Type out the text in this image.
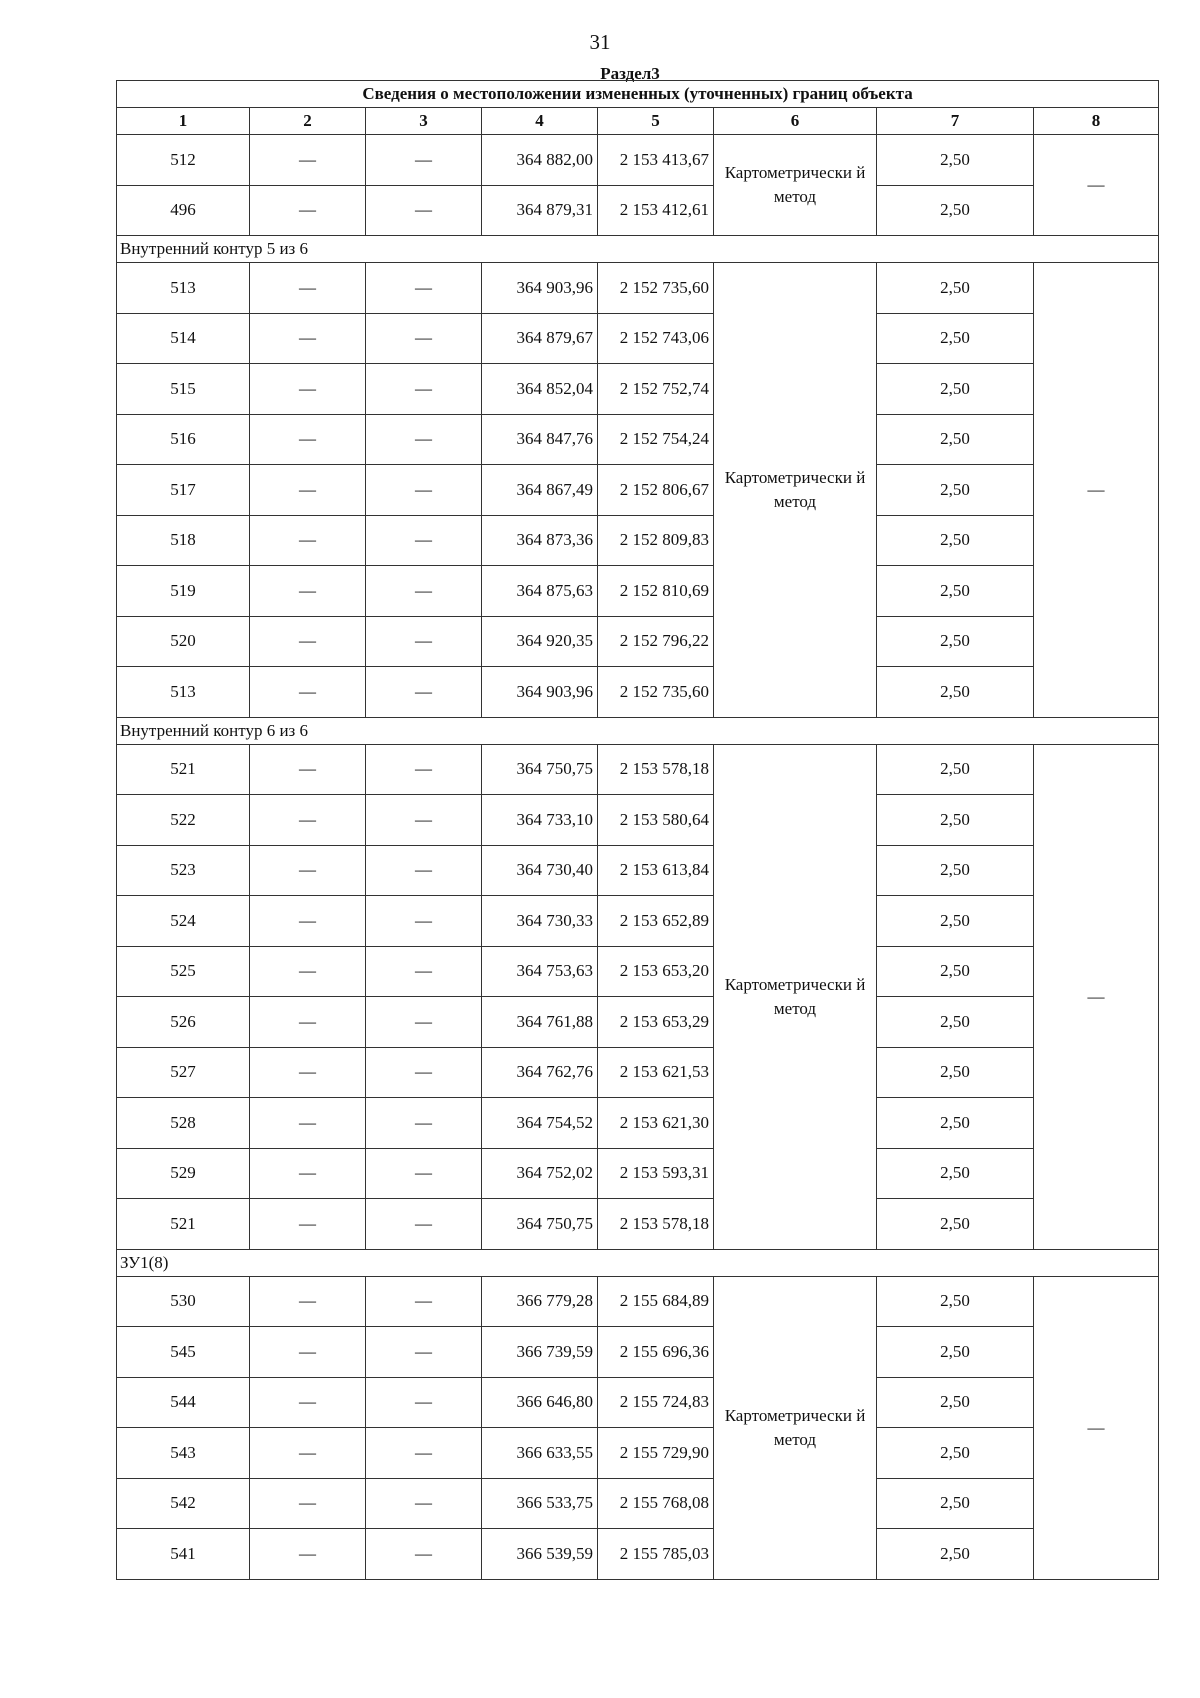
31
Раздел3
Сведения о местоположении измененных (уточненных) границ объекта							
1	2	3	4	5	6	7	8
512	—	—	364 882,00	2 153 413,67	Картометрически й метод	2,50	—
496	—	—	364 879,31	2 153 412,61		2,50	
Внутренний контур 5 из 6							
513	—	—	364 903,96	2 152 735,60	Картометрически й метод	2,50	—
514	—	—	364 879,67	2 152 743,06		2,50	
515	—	—	364 852,04	2 152 752,74		2,50	
516	—	—	364 847,76	2 152 754,24		2,50	
517	—	—	364 867,49	2 152 806,67		2,50	
518	—	—	364 873,36	2 152 809,83		2,50	
519	—	—	364 875,63	2 152 810,69		2,50	
520	—	—	364 920,35	2 152 796,22		2,50	
513	—	—	364 903,96	2 152 735,60		2,50	
Внутренний контур 6 из 6							
521	—	—	364 750,75	2 153 578,18	Картометрически й метод	2,50	—
522	—	—	364 733,10	2 153 580,64		2,50	
523	—	—	364 730,40	2 153 613,84		2,50	
524	—	—	364 730,33	2 153 652,89		2,50	
525	—	—	364 753,63	2 153 653,20		2,50	
526	—	—	364 761,88	2 153 653,29		2,50	
527	—	—	364 762,76	2 153 621,53		2,50	
528	—	—	364 754,52	2 153 621,30		2,50	
529	—	—	364 752,02	2 153 593,31		2,50	
521	—	—	364 750,75	2 153 578,18		2,50	
ЗУ1(8)							
530	—	—	366 779,28	2 155 684,89	Картометрически й метод	2,50	—
545	—	—	366 739,59	2 155 696,36		2,50	
544	—	—	366 646,80	2 155 724,83		2,50	
543	—	—	366 633,55	2 155 729,90		2,50	
542	—	—	366 533,75	2 155 768,08		2,50	
541	—	—	366 539,59	2 155 785,03		2,50	
